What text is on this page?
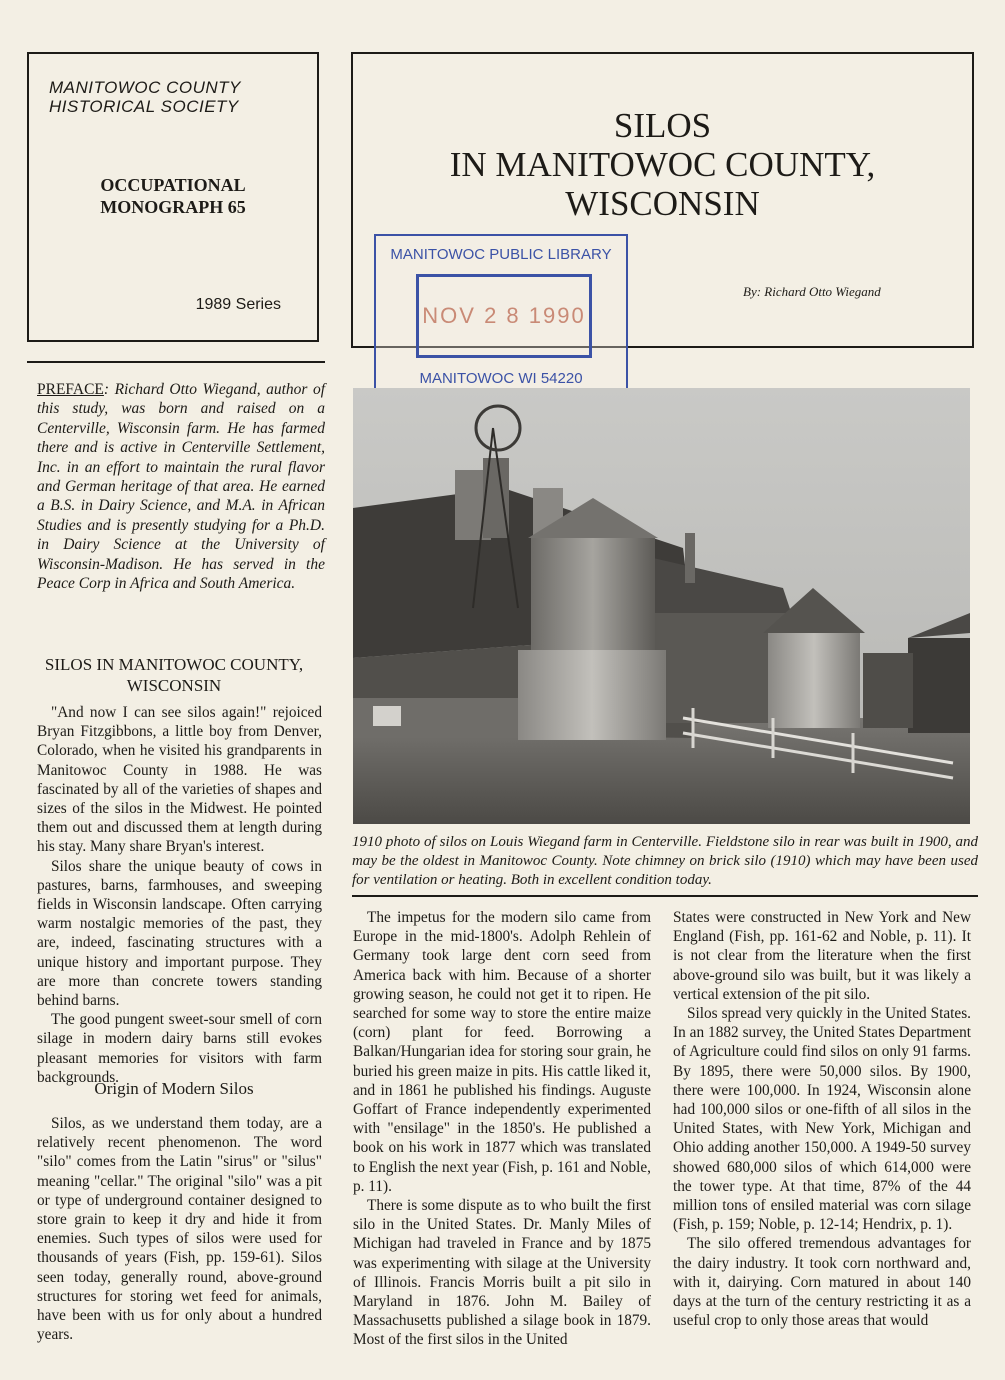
MANITOWOC COUNTY
HISTORICAL SOCIETY
OCCUPATIONAL
MONOGRAPH 65
1989 Series
SILOS
IN MANITOWOC COUNTY,
WISCONSIN
By: Richard Otto Wiegand
MANITOWOC PUBLIC LIBRARY
NOV 2 8 1990
MANITOWOC WI 54220
PREFACE: Richard Otto Wiegand, author of this study, was born and raised on a Centerville, Wisconsin farm. He has farmed there and is active in Centerville Settlement, Inc. in an effort to maintain the rural flavor and German heritage of that area. He earned a B.S. in Dairy Science, and M.A. in African Studies and is presently studying for a Ph.D. in Dairy Science at the University of Wisconsin-Madison. He has served in the Peace Corp in Africa and South America.
SILOS IN MANITOWOC COUNTY,
WISCONSIN

"And now I can see silos again!" rejoiced Bryan Fitzgibbons, a little boy from Denver, Colorado, when he visited his grandparents in Manitowoc County in 1988. He was fascinated by all of the varieties of shapes and sizes of the silos in the Midwest. He pointed them out and discussed them at length during his stay. Many share Bryan's interest.

Silos share the unique beauty of cows in pastures, barns, farmhouses, and sweeping fields in Wisconsin landscape. Often carrying warm nostalgic memories of the past, they are, indeed, fascinating structures with a unique history and important purpose. They are more than concrete towers standing behind barns.

The good pungent sweet-sour smell of corn silage in modern dairy barns still evokes pleasant memories for visitors with farm backgrounds.

Origin of Modern Silos

Silos, as we understand them today, are a relatively recent phenomenon. The word "silo" comes from the Latin "sirus" or "silus" meaning "cellar." The original "silo" was a pit or type of underground container designed to store grain to keep it dry and hide it from enemies. Such types of silos were used for thousands of years (Fish, pp. 159-61). Silos seen today, generally round, above-ground structures for storing wet feed for animals, have been with us for only about a hundred years.

1910 photo of silos on Louis Wiegand farm in Centerville. Fieldstone silo in rear was built in 1900, and may be the oldest in Manitowoc County. Note chimney on brick silo (1910) which may have been used for ventilation or heating. Both in excellent condition today.

The impetus for the modern silo came from Europe in the mid-1800's. Adolph Rehlein of Germany took large dent corn seed from America back with him. Because of a shorter growing season, he could not get it to ripen. He searched for some way to store the entire maize (corn) plant for feed. Borrowing a Balkan/Hungarian idea for storing sour grain, he buried his green maize in pits. His cattle liked it, and in 1861 he published his findings. Auguste Goffart of France independently experimented with "ensilage" in the 1850's. He published a book on his work in 1877 which was translated to English the next year (Fish, p. 161 and Noble, p. 11).

There is some dispute as to who built the first silo in the United States. Dr. Manly Miles of Michigan had traveled in France and by 1875 was experimenting with silage at the University of Illinois. Francis Morris built a pit silo in Maryland in 1876. John M. Bailey of Massachusetts published a silage book in 1879. Most of the first silos in the United

States were constructed in New York and New England (Fish, pp. 161-62 and Noble, p. 11). It is not clear from the literature when the first above-ground silo was built, but it was likely a vertical extension of the pit silo.

Silos spread very quickly in the United States. In an 1882 survey, the United States Department of Agriculture could find silos on only 91 farms. By 1895, there were 50,000 silos. By 1900, there were 100,000. In 1924, Wisconsin alone had 100,000 silos or one-fifth of all silos in the United States, with New York, Michigan and Ohio adding another 150,000. A 1949-50 survey showed 680,000 silos of which 614,000 were the tower type. At that time, 87% of the 44 million tons of ensiled material was corn silage (Fish, p. 159; Noble, p. 12-14; Hendrix, p. 1).

The silo offered tremendous advantages for the dairy industry. It took corn northward and, with it, dairying. Corn matured in about 140 days at the turn of the century restricting it as a useful crop to only those areas that would
